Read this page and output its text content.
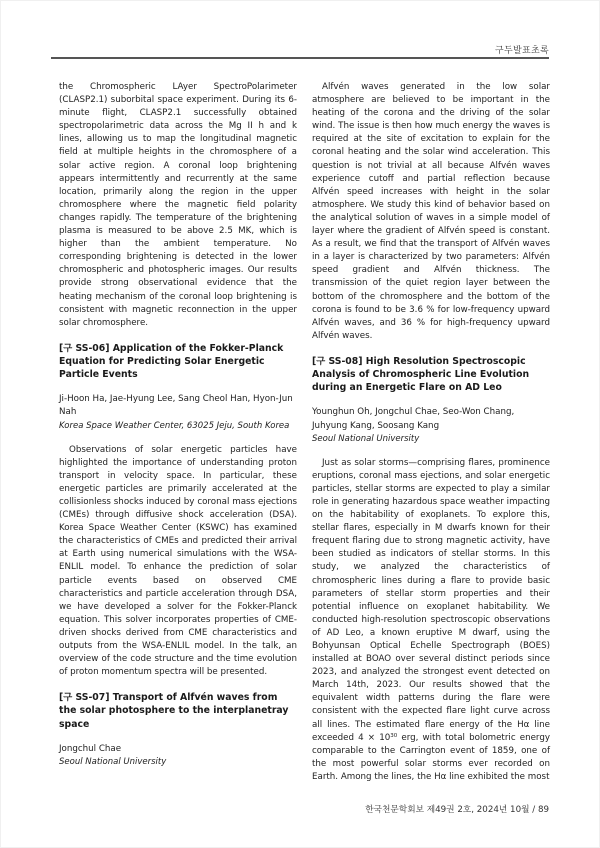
구두발표초록

the Chromospheric LAyer SpectroPolarimeter (CLASP2.1) suborbital space experiment. During its 6-minute flight, CLASP2.1 successfully obtained spectropolarimetric data across the Mg II h and k lines, allowing us to map the longitudinal magnetic field at multiple heights in the chromosphere of a solar active region. A coronal loop brightening appears intermittently and recurrently at the same location, primarily along the region in the upper chromosphere where the magnetic field polarity changes rapidly. The temperature of the brightening plasma is measured to be above 2.5 MK, which is higher than the ambient temperature. No corresponding brightening is detected in the lower chromospheric and photospheric images. Our results provide strong observational evidence that the heating mechanism of the coronal loop brightening is consistent with magnetic reconnection in the upper solar chromosphere.

[구 SS-06] Application of the Fokker-Planck Equation for Predicting Solar Energetic Particle Events

Ji-Hoon Ha, Jae-Hyung Lee, Sang Cheol Han, Hyon-Jun Nah

Korea Space Weather Center, 63025 Jeju, South Korea

Observations of solar energetic particles have highlighted the importance of understanding proton transport in velocity space. In particular, these energetic particles are primarily accelerated at the collisionless shocks induced by coronal mass ejections (CMEs) through diffusive shock acceleration (DSA). Korea Space Weather Center (KSWC) has examined the characteristics of CMEs and predicted their arrival at Earth using numerical simulations with the WSA-ENLIL model. To enhance the prediction of solar particle events based on observed CME characteristics and particle acceleration through DSA, we have developed a solver for the Fokker-Planck equation. This solver incorporates properties of CME-driven shocks derived from CME characteristics and outputs from the WSA-ENLIL model. In the talk, an overview of the code structure and the time evolution of proton momentum spectra will be presented.

[구 SS-07] Transport of Alfvén waves from the solar photosphere to the interplanetray space

Jongchul Chae

Seoul National University

Alfvén waves generated in the low solar atmosphere are believed to be important in the heating of the corona and the driving of the solar wind. The issue is then how much energy the waves is required at the site of excitation to explain for the coronal heating and the solar wind acceleration. This question is not trivial at all because Alfvén waves experience cutoff and partial reflection because Alfvén speed increases with height in the solar atmosphere. We study this kind of behavior based on the analytical solution of waves in a simple model of layer where the gradient of Alfvén speed is constant. As a result, we find that the transport of Alfvén waves in a layer is characterized by two parameters: Alfvén speed gradient and Alfvén thickness. The transmission of the quiet region layer between the bottom of the chromosphere and the bottom of the corona is found to be 3.6 % for low-frequency upward Alfvén waves, and 36 % for high-frequency upward Alfvén waves.

[구 SS-08] High Resolution Spectroscopic Analysis of Chromospheric Line Evolution during an Energetic Flare on AD Leo

Younghun Oh, Jongchul Chae, Seo-Won Chang, Juhyung Kang, Soosang Kang

Seoul National University

Just as solar storms—comprising flares, prominence eruptions, coronal mass ejections, and solar energetic particles, stellar storms are expected to play a similar role in generating hazardous space weather impacting on the habitability of exoplanets. To explore this, stellar flares, especially in M dwarfs known for their frequent flaring due to strong magnetic activity, have been studied as indicators of stellar storms. In this study, we analyzed the characteristics of chromospheric lines during a flare to provide basic parameters of stellar storm properties and their potential influence on exoplanet habitability. We conducted high-resolution spectroscopic observations of AD Leo, a known eruptive M dwarf, using the Bohyunsan Optical Echelle Spectrograph (BOES) installed at BOAO over several distinct periods since 2023, and analyzed the strongest event detected on March 14th, 2023. Our results showed that the equivalent width patterns during the flare were consistent with the expected flare light curve across all lines. The estimated flare energy of the Hα line exceeded $4 \times 10^{30}$ erg, with total bolometric energy comparable to the Carrington event of 1859, one of the most powerful solar storms ever recorded on Earth. Among the lines, the Hα line exhibited the most

한국천문학회보 제49권 2호, 2024년 10월 / 89
